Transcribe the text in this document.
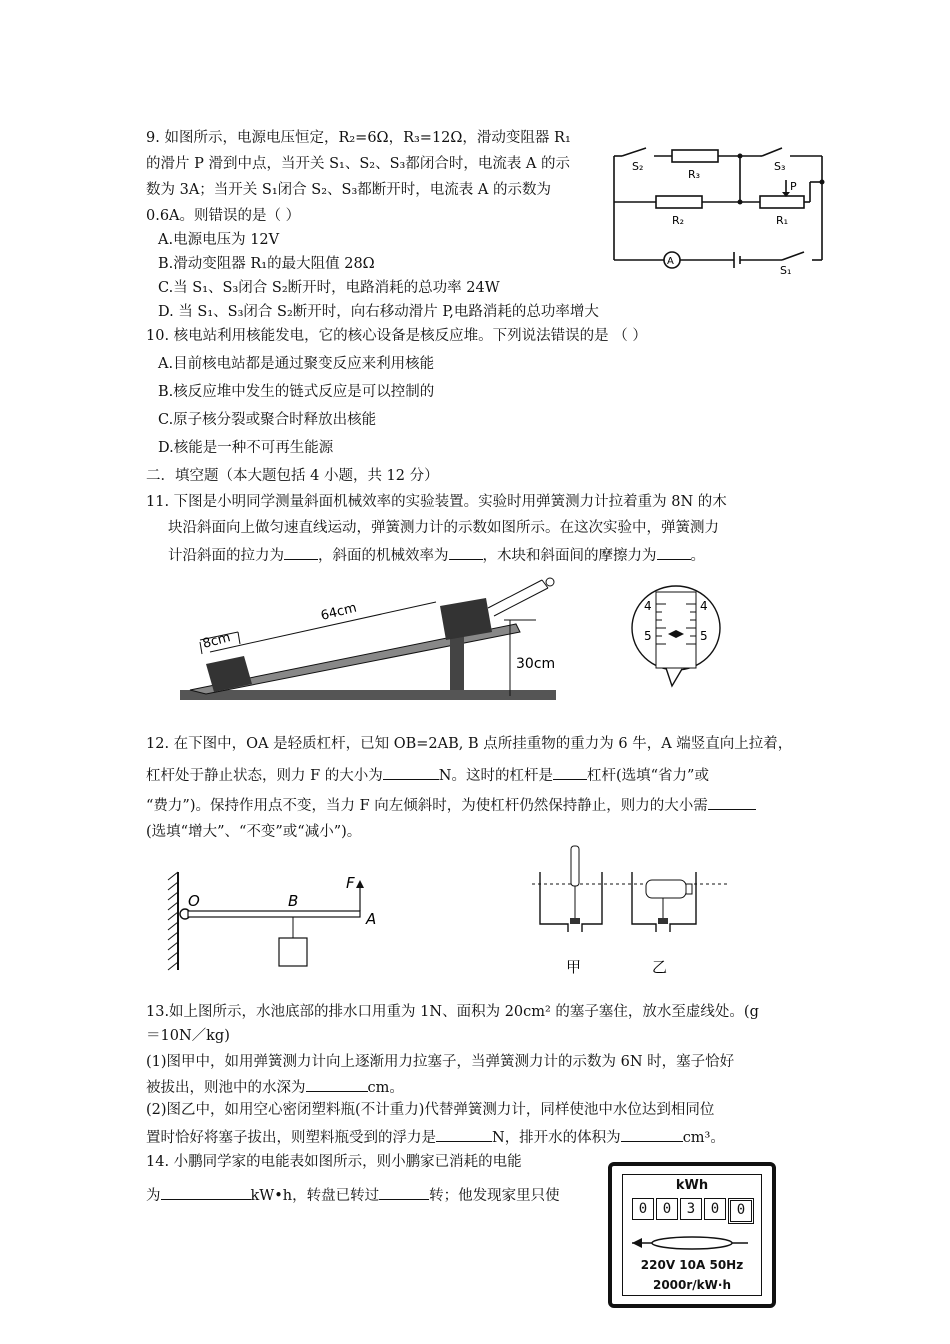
9. 如图所示，电源电压恒定，R₂=6Ω，R₃=12Ω，滑动变阻器 R₁
的滑片 P 滑到中点，当开关 S₁、S₂、S₃都闭合时，电流表 A 的示
数为 3A；当开关 S₁闭合 S₂、S₃都断开时，电流表 A 的示数为
0.6A。则错误的是（ ）
A.电源电压为 12V
B.滑动变阻器 R₁的最大阻值 28Ω
C.当 S₁、S₃闭合 S₂断开时，电路消耗的总功率 24W
D. 当 S₁、S₃闭合 S₂断开时，向右移动滑片 P,电路消耗的总功率增大
S₂
R₃
S₃
R₂	R₁
P
A
S₁
10. 核电站利用核能发电，它的核心设备是核反应堆。下列说法错误的是 （ ）
A.目前核电站都是通过聚变反应来利用核能
B.核反应堆中发生的链式反应是可以控制的
C.原子核分裂或聚合时释放出核能
D.核能是一种不可再生能源
二．填空题（本大题包括 4 小题，共 12 分）
11. 下图是小明同学测量斜面机械效率的实验装置。实验时用弹簧测力计拉着重为 8N 的木
块沿斜面向上做匀速直线运动，弹簧测力计的示数如图所示。在这次实验中，弹簧测力
计沿斜面的拉力为 ，斜面的机械效率为 ，木块和斜面间的摩擦力为 。
8cm
64cm
30cm
4
5
4
5
12. 在下图中，OA 是轻质杠杆，已知 OB=2AB, B 点所挂重物的重力为 6 牛，A 端竖直向上拉着，
杠杆处于静止状态，则力 F 的大小为	N。这时的杠杆是 杠杆(选填“省力”或
“费力”)。保持作用点不变，当力 F 向左倾斜时，为使杠杆仍然保持静止，则力的大小需
(选填“增大”、“不变”或“减小”)。
O	B
F
A
甲	乙
13.如上图所示，水池底部的排水口用重为 1N、面积为 20cm² 的塞子塞住，放水至虚线处。(g
＝10N／kg)
(1)图甲中，如用弹簧测力计向上逐渐用力拉塞子，当弹簧测力计的示数为 6N 时，塞子恰好
被拔出，则池中的水深为	cm。
(2)图乙中，如用空心密闭塑料瓶(不计重力)代替弹簧测力计，同样使池中水位达到相同位
置时恰好将塞子拔出，则塑料瓶受到的浮力是	N，排开水的体积为	cm³。
14. 小鹏同学家的电能表如图所示，则小鹏家已消耗的电能
为	kW•h，转盘已转过	转；他发现家里只使
kWh
0	0	3	0	0
220V 10A 50Hz
2000r/kW·h
